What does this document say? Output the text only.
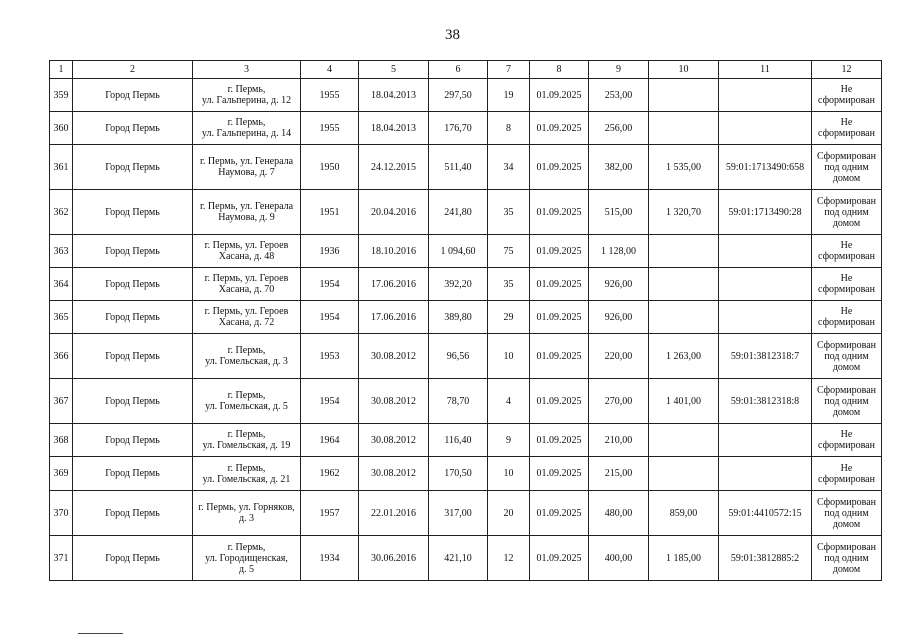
38
1	2	3	4	5	6	7	8	9	10	11	12
359	Город Пермь	г. Пермь,
ул. Гальперина, д. 12	1955	18.04.2013	297,50	19	01.09.2025	253,00			Не
сформирован
360	Город Пермь	г. Пермь,
ул. Гальперина, д. 14	1955	18.04.2013	176,70	8	01.09.2025	256,00			Не
сформирован
361	Город Пермь	г. Пермь, ул. Генерала
Наумова, д. 7	1950	24.12.2015	511,40	34	01.09.2025	382,00	1 535,00	59:01:1713490:658	Сформирован
под одним
домом
362	Город Пермь	г. Пермь, ул. Генерала
Наумова, д. 9	1951	20.04.2016	241,80	35	01.09.2025	515,00	1 320,70	59:01:1713490:28	Сформирован
под одним
домом
363	Город Пермь	г. Пермь, ул. Героев
Хасана, д. 48	1936	18.10.2016	1 094,60	75	01.09.2025	1 128,00			Не
сформирован
364	Город Пермь	г. Пермь, ул. Героев
Хасана, д. 70	1954	17.06.2016	392,20	35	01.09.2025	926,00			Не
сформирован
365	Город Пермь	г. Пермь, ул. Героев
Хасана, д. 72	1954	17.06.2016	389,80	29	01.09.2025	926,00			Не
сформирован
366	Город Пермь	г. Пермь,
ул. Гомельская, д. 3	1953	30.08.2012	96,56	10	01.09.2025	220,00	1 263,00	59:01:3812318:7	Сформирован
под одним
домом
367	Город Пермь	г. Пермь,
ул. Гомельская, д. 5	1954	30.08.2012	78,70	4	01.09.2025	270,00	1 401,00	59:01:3812318:8	Сформирован
под одним
домом
368	Город Пермь	г. Пермь,
ул. Гомельская, д. 19	1964	30.08.2012	116,40	9	01.09.2025	210,00			Не
сформирован
369	Город Пермь	г. Пермь,
ул. Гомельская, д. 21	1962	30.08.2012	170,50	10	01.09.2025	215,00			Не
сформирован
370	Город Пермь	г. Пермь, ул. Горняков,
д. 3	1957	22.01.2016	317,00	20	01.09.2025	480,00	859,00	59:01:4410572:15	Сформирован
под одним
домом
371	Город Пермь	г. Пермь,
ул. Городищенская,
д. 5	1934	30.06.2016	421,10	12	01.09.2025	400,00	1 185,00	59:01:3812885:2	Сформирован
под одним
домом
